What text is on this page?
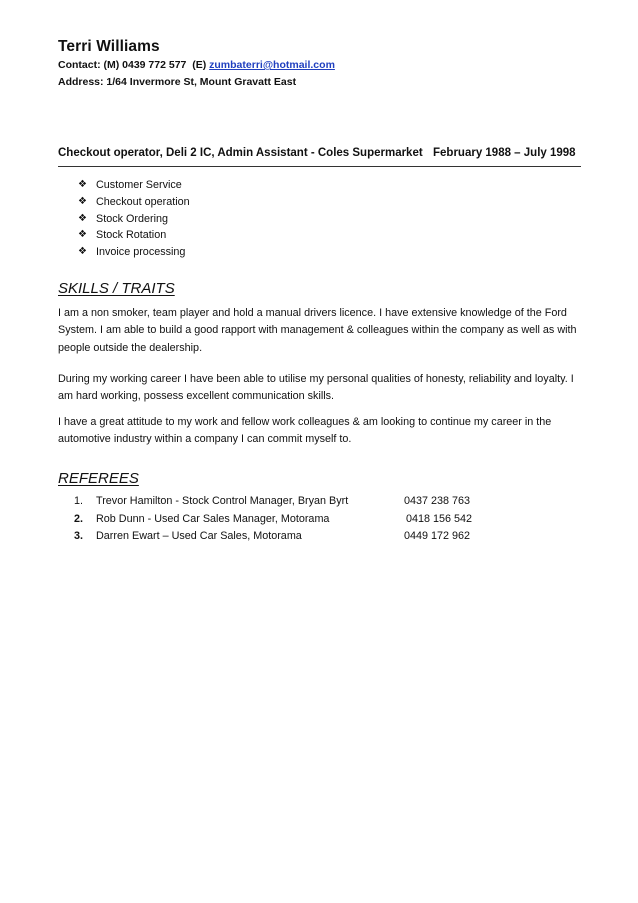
Terri Williams
Contact: (M) 0439 772 577  (E) zumbaterri@hotmail.com
Address: 1/64 Invermore St, Mount Gravatt East
Checkout operator, Deli 2 IC, Admin Assistant - Coles Supermarket February 1988 – July 1998
❖ Customer Service
❖ Checkout operation
❖ Stock Ordering
❖ Stock Rotation
❖ Invoice processing
SKILLS / TRAITS

I am a non smoker, team player and hold a manual drivers licence. I have extensive knowledge of the Ford System. I am able to build a good rapport with management & colleagues within the company as well as with people outside the dealership.

During my working career I have been able to utilise my personal qualities of honesty, reliability and loyalty. I am hard working, possess excellent communication skills.

I have a great attitude to my work and fellow work colleagues & am looking to continue my career in the automotive industry within a company I can commit myself to.

REFEREES
1. Trevor Hamilton - Stock Control Manager, Bryan Byrt	0437 238 763
2. Rob Dunn - Used Car Sales Manager, Motorama	0418 156 542
3. Darren Ewart – Used Car Sales, Motorama	0449 172 962
